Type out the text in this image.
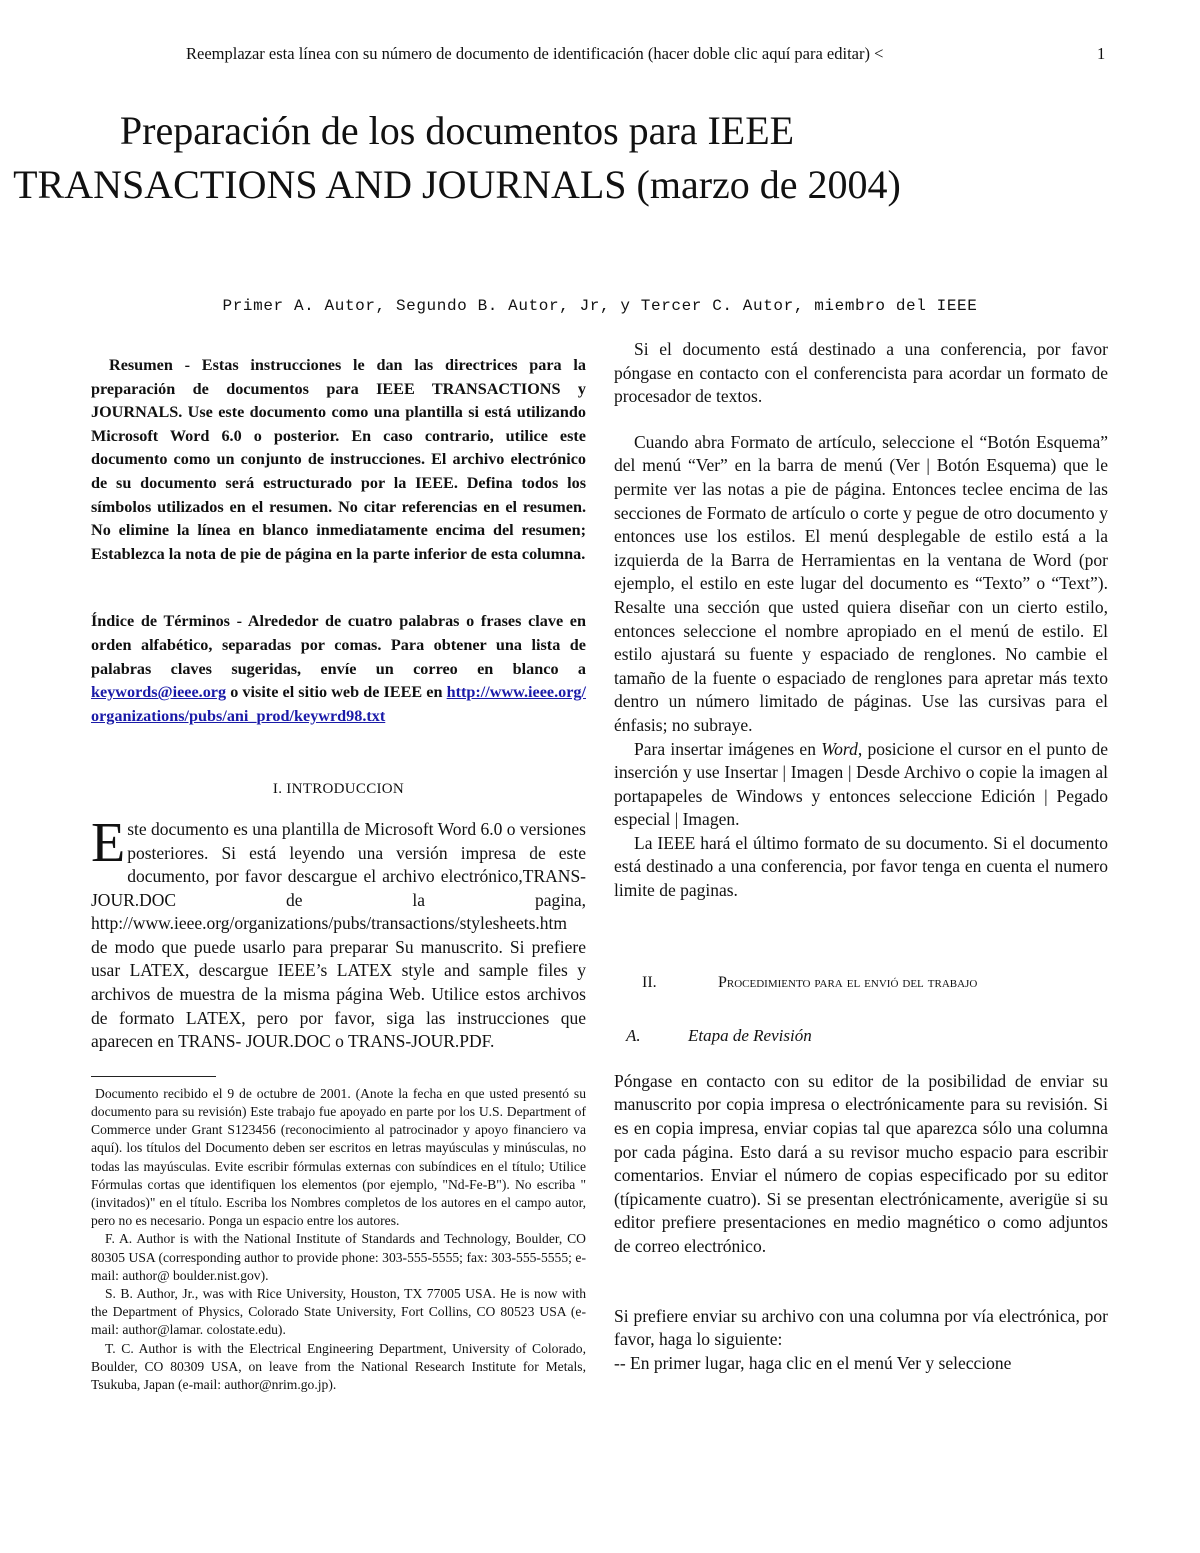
Reemplazar esta línea con su número de documento de identificación (hacer doble clic aquí para editar) <	1
Preparación de los documentos para IEEE TRANSACTIONS AND JOURNALS (marzo de 2004)
Primer A. Autor, Segundo B. Autor, Jr, y Tercer C. Autor, miembro del IEEE

Resumen - Estas instrucciones le dan las directrices para la preparación de documentos para IEEE TRANSACTIONS y JOURNALS. Use este documento como una plantilla si está utilizando Microsoft Word 6.0 o posterior. En caso contrario, utilice este documento como un conjunto de instrucciones. El archivo electrónico de su documento será estructurado por la IEEE. Defina todos los símbolos utilizados en el resumen. No citar referencias en el resumen. No elimine la línea en blanco inmediatamente encima del resumen; Establezca la nota de pie de página en la parte inferior de esta columna.

Índice de Términos - Alrededor de cuatro palabras o frases clave en orden alfabético, separadas por comas. Para obtener una lista de palabras claves sugeridas, envíe un correo en blanco a keywords@ieee.org o visite el sitio web de IEEE en http://www.ieee.org/organizations/pubs/ani_prod/keywrd98.txt

I. INTRODUCCION

Este documento es una plantilla de Microsoft Word 6.0 o versiones posteriores. Si está leyendo una versión impresa de este documento, por favor descargue el archivo electrónico,TRANS-JOUR.DOC de la pagina, http://www.ieee.org/organizations/pubs/transactions/stylesheets.htm de modo que puede usarlo para preparar Su manuscrito. Si prefiere usar LATEX, descargue IEEE’s LATEX style and sample files y archivos de muestra de la misma página Web. Utilice estos archivos de formato LATEX, pero por favor, siga las instrucciones que aparecen en TRANS- JOUR.DOC o TRANS-JOUR.PDF.

Documento recibido el 9 de octubre de 2001. (Anote la fecha en que usted presentó su documento para su revisión) Este trabajo fue apoyado en parte por los U.S. Department of Commerce under Grant S123456 (reconocimiento al patrocinador y apoyo financiero va aquí). los títulos del Documento deben ser escritos en letras mayúsculas y minúsculas, no todas las mayúsculas. Evite escribir fórmulas externas con subíndices en el título; Utilice Fórmulas cortas que identifiquen los elementos (por ejemplo, "Nd-Fe-B"). No escriba "(invitados)" en el título. Escriba los Nombres completos de los autores en el campo autor, pero no es necesario. Ponga un espacio entre los autores.

F. A. Author is with the National Institute of Standards and Technology, Boulder, CO 80305 USA (corresponding author to provide phone: 303-555-5555; fax: 303-555-5555; e-mail: author@ boulder.nist.gov).

S. B. Author, Jr., was with Rice University, Houston, TX 77005 USA. He is now with the Department of Physics, Colorado State University, Fort Collins, CO 80523 USA (e-mail: author@lamar. colostate.edu).

T. C. Author is with the Electrical Engineering Department, University of Colorado, Boulder, CO 80309 USA, on leave from the National Research Institute for Metals, Tsukuba, Japan (e-mail: author@nrim.go.jp).

Si el documento está destinado a una conferencia, por favor póngase en contacto con el conferencista para acordar un formato de procesador de textos.

Cuando abra Formato de artículo, seleccione el “Botón Esquema” del menú “Ver” en la barra de menú (Ver | Botón Esquema) que le permite ver las notas a pie de página. Entonces teclee encima de las secciones de Formato de artículo o corte y pegue de otro documento y entonces use los estilos. El menú desplegable de estilo está a la izquierda de la Barra de Herramientas en la ventana de Word (por ejemplo, el estilo en este lugar del documento es “Texto” o “Text”). Resalte una sección que usted quiera diseñar con un cierto estilo, entonces seleccione el nombre apropiado en el menú de estilo. El estilo ajustará su fuente y espaciado de renglones. No cambie el tamaño de la fuente o espaciado de renglones para apretar más texto dentro un número limitado de páginas. Use las cursivas para el énfasis; no subraye.

Para insertar imágenes en Word, posicione el cursor en el punto de inserción y use Insertar | Imagen | Desde Archivo o copie la imagen al portapapeles de Windows y entonces seleccione Edición | Pegado especial | Imagen.

La IEEE hará el último formato de su documento. Si el documento está destinado a una conferencia, por favor tenga en cuenta el numero limite de paginas.

II.	Procedimiento para el envió del trabajo
A.	Etapa de Revisión

Póngase en contacto con su editor de la posibilidad de enviar su manuscrito por copia impresa o electrónicamente para su revisión. Si es en copia impresa, enviar copias tal que aparezca sólo una columna por cada página. Esto dará a su revisor mucho espacio para escribir comentarios. Enviar el número de copias especificado por su editor (típicamente cuatro). Si se presentan electrónicamente, averigüe si su editor prefiere presentaciones en medio magnético o como adjuntos de correo electrónico.

Si prefiere enviar su archivo con una columna por vía electrónica, por favor, haga lo siguiente:

-- En primer lugar, haga clic en el menú Ver y seleccione
